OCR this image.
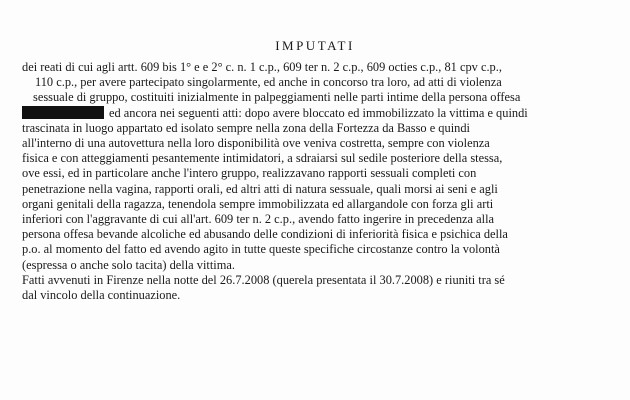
IMPUTATI
dei reati di cui agli artt. 609 bis 1° e e 2° c. n. 1 c.p., 609 ter n. 2 c.p., 609 octies c.p., 81 cpv c.p.,
110 c.p., per avere partecipato singolarmente, ed anche in concorso tra loro, ad atti di violenza
sessuale di gruppo, costituiti inizialmente in palpeggiamenti nelle parti intime della persona offesa
ed ancora nei seguenti atti: dopo avere bloccato ed immobilizzato la vittima e quindi
trascinata in luogo appartato ed isolato sempre nella zona della Fortezza da Basso e quindi
all'interno di una autovettura nella loro disponibilità ove veniva costretta, sempre con violenza
fisica e con atteggiamenti pesantemente intimidatori, a sdraiarsi sul sedile posteriore della stessa,
ove essi, ed in particolare anche l'intero gruppo, realizzavano rapporti sessuali completi con
penetrazione nella vagina, rapporti orali, ed altri atti di natura sessuale, quali morsi ai seni e agli
organi genitali della ragazza, tenendola sempre immobilizzata ed allargandole con forza gli arti
inferiori con l'aggravante di cui all'art. 609 ter n. 2 c.p., avendo fatto ingerire in precedenza alla
persona offesa bevande alcoliche ed abusando delle condizioni di inferiorità fisica e psichica della
p.o. al momento del fatto ed avendo agito in tutte queste specifiche circostanze contro la volontà
(espressa o anche solo tacita) della vittima.
Fatti avvenuti in Firenze nella notte del 26.7.2008 (querela presentata il 30.7.2008) e riuniti tra sé
dal vincolo della continuazione.
